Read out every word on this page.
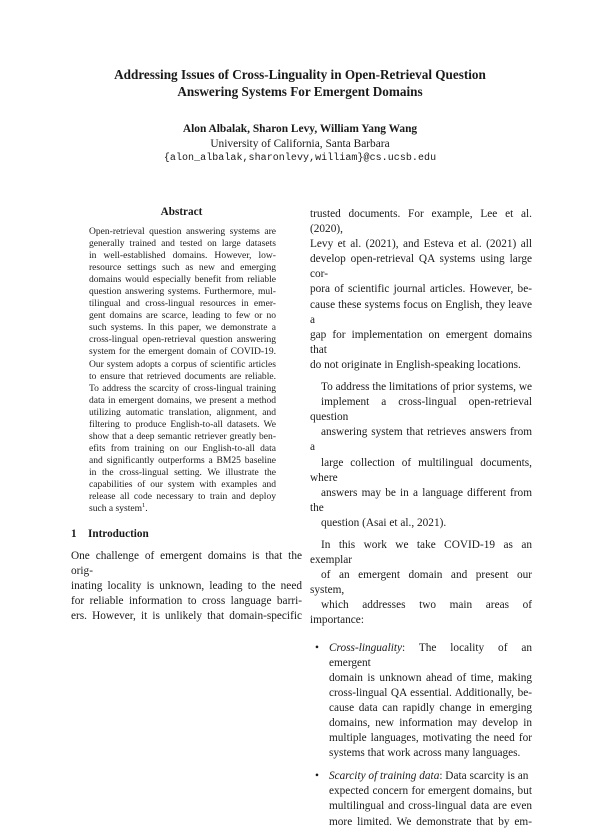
Addressing Issues of Cross-Linguality in Open-Retrieval Question
Answering Systems For Emergent Domains
Alon Albalak, Sharon Levy, William Yang Wang
University of California, Santa Barbara
{alon_albalak,sharonlevy,william}@cs.ucsb.edu
Abstract
Open-retrieval question answering systems are
generally trained and tested on large datasets
in well-established domains. However, low-
resource settings such as new and emerging
domains would especially benefit from reliable
question answering systems. Furthermore, mul-
tilingual and cross-lingual resources in emer-
gent domains are scarce, leading to few or no
such systems. In this paper, we demonstrate a
cross-lingual open-retrieval question answering
system for the emergent domain of COVID-19.
Our system adopts a corpus of scientific articles
to ensure that retrieved documents are reliable.
To address the scarcity of cross-lingual training
data in emergent domains, we present a method
utilizing automatic translation, alignment, and
filtering to produce English-to-all datasets. We
show that a deep semantic retriever greatly ben-
efits from training on our English-to-all data
and significantly outperforms a BM25 baseline
in the cross-lingual setting. We illustrate the
capabilities of our system with examples and
release all code necessary to train and deploy
such a system$^1$.
1 Introduction
One challenge of emergent domains is that the orig-
inating locality is unknown, leading to the need
for reliable information to cross language barri-
ers. However, it is unlikely that domain-specific

trusted documents. For example, Lee et al. (2020),
Levy et al. (2021), and Esteva et al. (2021) all
develop open-retrieval QA systems using large cor-
pora of scientific journal articles. However, be-
cause these systems focus on English, they leave a
gap for implementation on emergent domains that
do not originate in English-speaking locations.

To address the limitations of prior systems, we
implement a cross-lingual open-retrieval question
answering system that retrieves answers from a
large collection of multilingual documents, where
answers may be in a language different from the
question (Asai et al., 2021).

In this work we take COVID-19 as an exemplar
of an emergent domain and present our system,
which addresses two main areas of importance:

• Cross-linguality: The locality of an emergent
domain is unknown ahead of time, making
cross-lingual QA essential. Additionally, be-
cause data can rapidly change in emerging
domains, new information may develop in
multiple languages, motivating the need for
systems that work across many languages.
• Scarcity of training data: Data scarcity is an
expected concern for emergent domains, but
multilingual and cross-lingual data are even
more limited. We demonstrate that by em-
